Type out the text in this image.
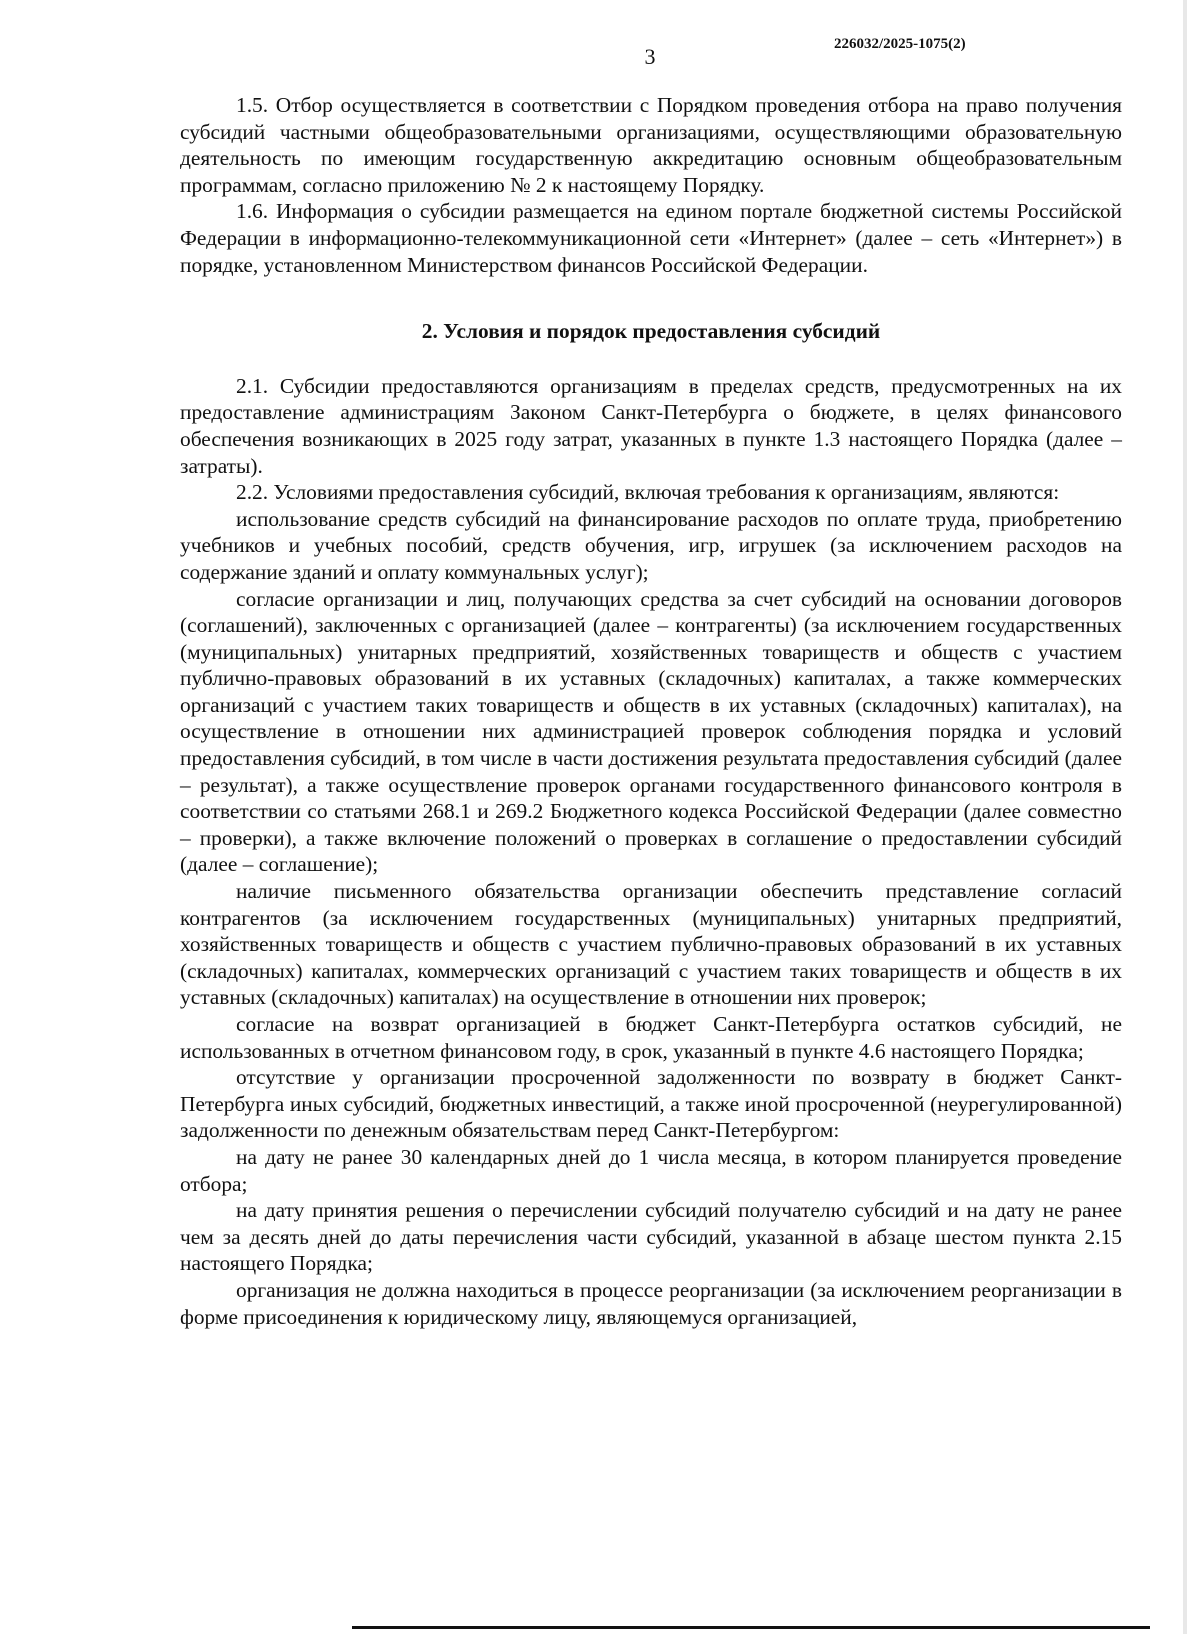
3	226032/2025-1075(2)

1.5. Отбор осуществляется в соответствии с Порядком проведения отбора на право получения субсидий частными общеобразовательными организациями, осуществляющими образовательную деятельность по имеющим государственную аккредитацию основным общеобразовательным программам, согласно приложению № 2 к настоящему Порядку.

1.6. Информация о субсидии размещается на едином портале бюджетной системы Российской Федерации в информационно-телекоммуникационной сети «Интернет» (далее – сеть «Интернет») в порядке, установленном Министерством финансов Российской Федерации.

2. Условия и порядок предоставления субсидий

2.1. Субсидии предоставляются организациям в пределах средств, предусмотренных на их предоставление администрациям Законом Санкт-Петербурга о бюджете, в целях финансового обеспечения возникающих в 2025 году затрат, указанных в пункте 1.3 настоящего Порядка (далее – затраты).

2.2. Условиями предоставления субсидий, включая требования к организациям, являются:

использование средств субсидий на финансирование расходов по оплате труда, приобретению учебников и учебных пособий, средств обучения, игр, игрушек (за исключением расходов на содержание зданий и оплату коммунальных услуг);

согласие организации и лиц, получающих средства за счет субсидий на основании договоров (соглашений), заключенных с организацией (далее – контрагенты) (за исключением государственных (муниципальных) унитарных предприятий, хозяйственных товариществ и обществ с участием публично-правовых образований в их уставных (складочных) капиталах, а также коммерческих организаций с участием таких товариществ и обществ в их уставных (складочных) капиталах), на осуществление в отношении них администрацией проверок соблюдения порядка и условий предоставления субсидий, в том числе в части достижения результата предоставления субсидий (далее – результат), а также осуществление проверок органами государственного финансового контроля в соответствии со статьями 268.1 и 269.2 Бюджетного кодекса Российской Федерации (далее совместно – проверки), а также включение положений о проверках в соглашение о предоставлении субсидий (далее – соглашение);

наличие письменного обязательства организации обеспечить представление согласий контрагентов (за исключением государственных (муниципальных) унитарных предприятий, хозяйственных товариществ и обществ с участием публично-правовых образований в их уставных (складочных) капиталах, коммерческих организаций с участием таких товариществ и обществ в их уставных (складочных) капиталах) на осуществление в отношении них проверок;

согласие на возврат организацией в бюджет Санкт-Петербурга остатков субсидий, не использованных в отчетном финансовом году, в срок, указанный в пункте 4.6 настоящего Порядка;

отсутствие у организации просроченной задолженности по возврату в бюджет Санкт-Петербурга иных субсидий, бюджетных инвестиций, а также иной просроченной (неурегулированной) задолженности по денежным обязательствам перед Санкт-Петербургом:

на дату не ранее 30 календарных дней до 1 числа месяца, в котором планируется проведение отбора;

на дату принятия решения о перечислении субсидий получателю субсидий и на дату не ранее чем за десять дней до даты перечисления части субсидий, указанной в абзаце шестом пункта 2.15 настоящего Порядка;

организация не должна находиться в процессе реорганизации (за исключением реорганизации в форме присоединения к юридическому лицу, являющемуся организацией,
